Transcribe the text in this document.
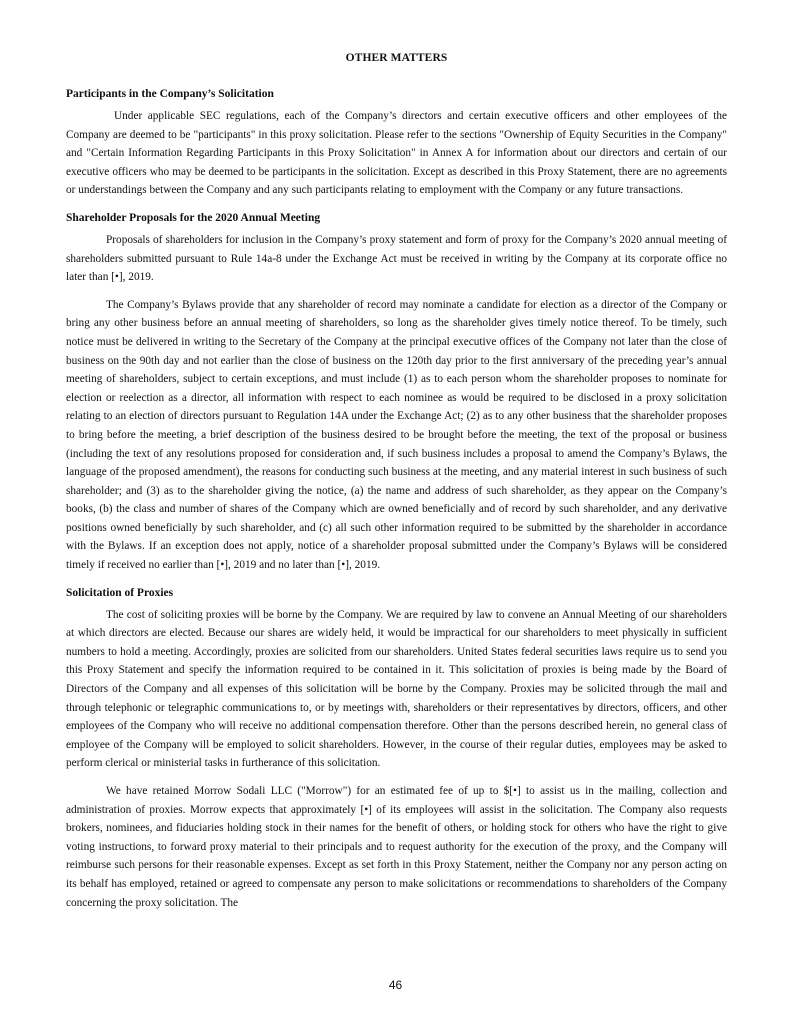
OTHER MATTERS
Participants in the Company’s Solicitation

Under applicable SEC regulations, each of the Company’s directors and certain executive officers and other employees of the Company are deemed to be "participants" in this proxy solicitation. Please refer to the sections "Ownership of Equity Securities in the Company" and "Certain Information Regarding Participants in this Proxy Solicitation" in Annex A for information about our directors and certain of our executive officers who may be deemed to be participants in the solicitation. Except as described in this Proxy Statement, there are no agreements or understandings between the Company and any such participants relating to employment with the Company or any future transactions.

Shareholder Proposals for the 2020 Annual Meeting

Proposals of shareholders for inclusion in the Company’s proxy statement and form of proxy for the Company’s 2020 annual meeting of shareholders submitted pursuant to Rule 14a-8 under the Exchange Act must be received in writing by the Company at its corporate office no later than [•], 2019.

The Company’s Bylaws provide that any shareholder of record may nominate a candidate for election as a director of the Company or bring any other business before an annual meeting of shareholders, so long as the shareholder gives timely notice thereof. To be timely, such notice must be delivered in writing to the Secretary of the Company at the principal executive offices of the Company not later than the close of business on the 90th day and not earlier than the close of business on the 120th day prior to the first anniversary of the preceding year’s annual meeting of shareholders, subject to certain exceptions, and must include (1) as to each person whom the shareholder proposes to nominate for election or reelection as a director, all information with respect to each nominee as would be required to be disclosed in a proxy solicitation relating to an election of directors pursuant to Regulation 14A under the Exchange Act; (2) as to any other business that the shareholder proposes to bring before the meeting, a brief description of the business desired to be brought before the meeting, the text of the proposal or business (including the text of any resolutions proposed for consideration and, if such business includes a proposal to amend the Company’s Bylaws, the language of the proposed amendment), the reasons for conducting such business at the meeting, and any material interest in such business of such shareholder; and (3) as to the shareholder giving the notice, (a) the name and address of such shareholder, as they appear on the Company’s books, (b) the class and number of shares of the Company which are owned beneficially and of record by such shareholder, and any derivative positions owned beneficially by such shareholder, and (c) all such other information required to be submitted by the shareholder in accordance with the Bylaws. If an exception does not apply, notice of a shareholder proposal submitted under the Company’s Bylaws will be considered timely if received no earlier than [•], 2019 and no later than [•], 2019.

Solicitation of Proxies

The cost of soliciting proxies will be borne by the Company. We are required by law to convene an Annual Meeting of our shareholders at which directors are elected. Because our shares are widely held, it would be impractical for our shareholders to meet physically in sufficient numbers to hold a meeting. Accordingly, proxies are solicited from our shareholders. United States federal securities laws require us to send you this Proxy Statement and specify the information required to be contained in it. This solicitation of proxies is being made by the Board of Directors of the Company and all expenses of this solicitation will be borne by the Company. Proxies may be solicited through the mail and through telephonic or telegraphic communications to, or by meetings with, shareholders or their representatives by directors, officers, and other employees of the Company who will receive no additional compensation therefore. Other than the persons described herein, no general class of employee of the Company will be employed to solicit shareholders. However, in the course of their regular duties, employees may be asked to perform clerical or ministerial tasks in furtherance of this solicitation.

We have retained Morrow Sodali LLC ("Morrow") for an estimated fee of up to $[•] to assist us in the mailing, collection and administration of proxies. Morrow expects that approximately [•] of its employees will assist in the solicitation. The Company also requests brokers, nominees, and fiduciaries holding stock in their names for the benefit of others, or holding stock for others who have the right to give voting instructions, to forward proxy material to their principals and to request authority for the execution of the proxy, and the Company will reimburse such persons for their reasonable expenses. Except as set forth in this Proxy Statement, neither the Company nor any person acting on its behalf has employed, retained or agreed to compensate any person to make solicitations or recommendations to shareholders of the Company concerning the proxy solicitation. The

46
